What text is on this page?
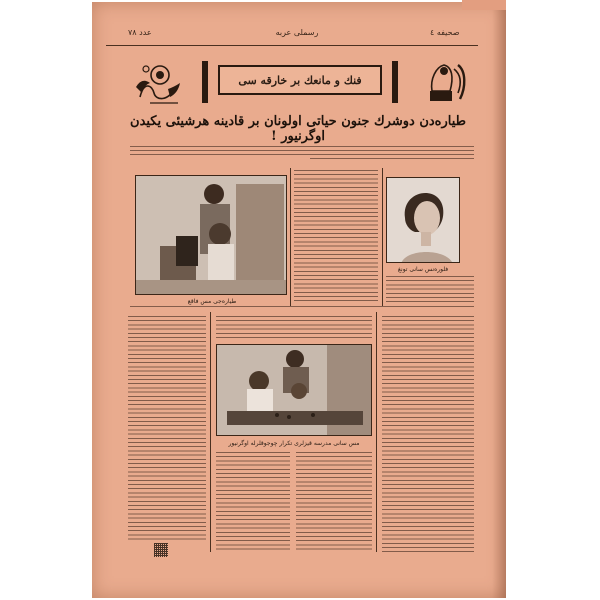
عدد ۷۸	رسملی عربه	صحیفه ٤
فنك و مانعك بر خارقه سی
طیاره‌دن دوشرك جنون حیاتی اولونان بر قادینه هرشیئی یکیدن اوگرنیور !
طیاره‌جی مس فاقع
فلوره‌نس سانی تونغ
مس سانی مدرسه قیزلری تکرار چوجوقلرله اوگرنیور
